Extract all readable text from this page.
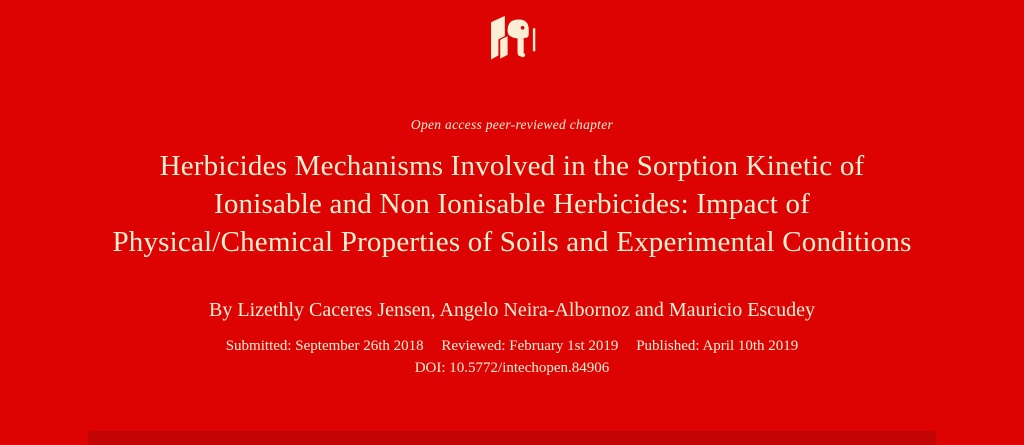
Open access peer-reviewed chapter
Herbicides Mechanisms Involved in the Sorption Kinetic of
Ionisable and Non Ionisable Herbicides: Impact of
Physical/Chemical Properties of Soils and Experimental Conditions
By Lizethly Caceres Jensen, Angelo Neira-Albornoz and Mauricio Escudey
Submitted: September 26th 2018 Reviewed: February 1st 2019 Published: April 10th 2019
DOI: 10.5772/intechopen.84906
